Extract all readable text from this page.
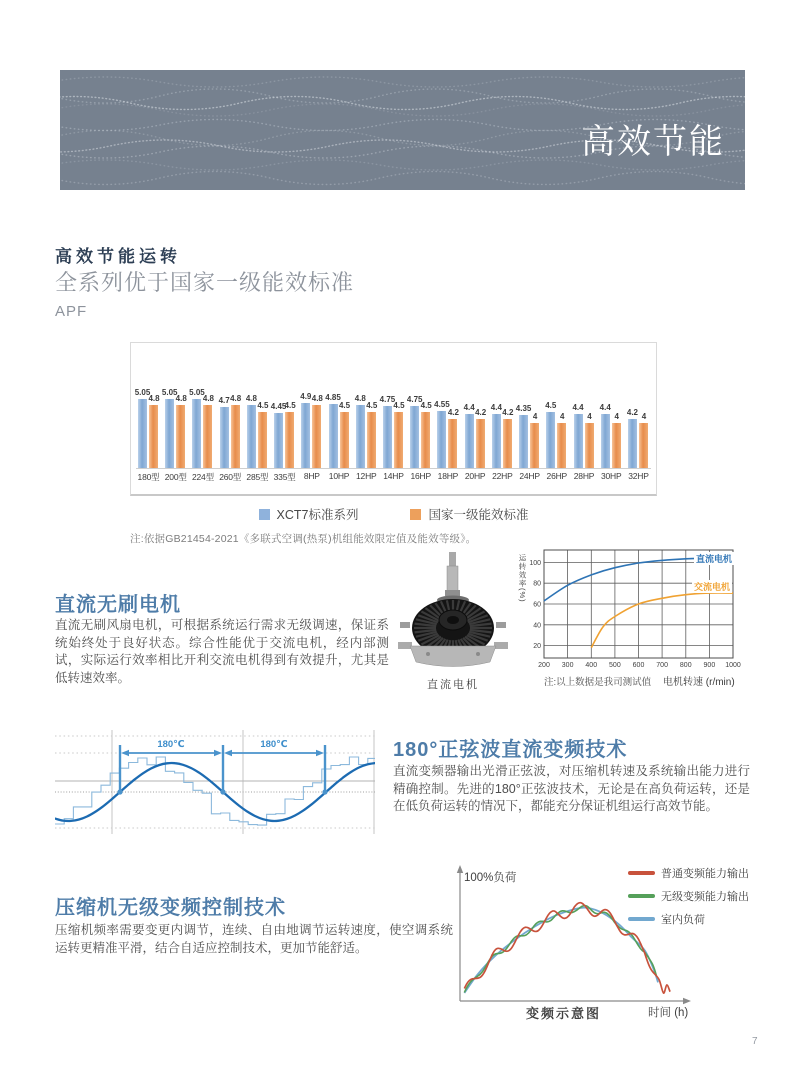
高效节能
高效节能运转
全系列优于国家一级能效标准
APF
5.05
4.8
180型
5.05
4.8
200型
5.05
4.8
224型
4.7 4.8
260型
4.8
4.5
285型
4.45
4.5
335型
4.9 4.8
8HP
4.85
4.5
10HP
4.8
4.5
12HP
4.75
4.5
14HP
4.75
4.5
16HP
4.55
4.2
18HP
4.4 4.2
20HP
4.4 4.2
22HP
4.35
4
24HP
4.5
4
26HP
4.4
4
28HP
4.4
4
30HP
4.2 4
32HP
XCT7标准系列	国家一级能效标准

注:依据GB21454-2021《多联式空调(热泵)机组能效限定值及能效等级》。

直流无刷电机

直流无刷风扇电机，可根据系统运行需求无级调速，保证系统始终处于良好状态。综合性能优于交流电机，经内部测试，实际运行效率相比开利交流电机得到有效提升，尤其是低转速效率。

直流电机
运转效率(%)
200 300 400 500 600 700 800 900 1000
100
80
60
40
20
直流电机
交流电机
注:以上数据是我司测试值 电机转速 (r/min)
180℃	180℃	180°正弦波直流变频技术

直流变频器输出光滑正弦波，对压缩机转速及系统输出能力进行精确控制。先进的180°正弦波技术，无论是在高负荷运转，还是在低负荷运转的情况下，都能充分保证机组运行高效节能。

压缩机无级变频控制技术

压缩机频率需要变更内调节，连续、自由地调节运转速度，使空调系统运转更精准平滑，结合自适应控制技术，更加节能舒适。

100%负荷	普通变频能力输出
无级变频能力输出
室内负荷
变频示意图	时间 (h)
7
